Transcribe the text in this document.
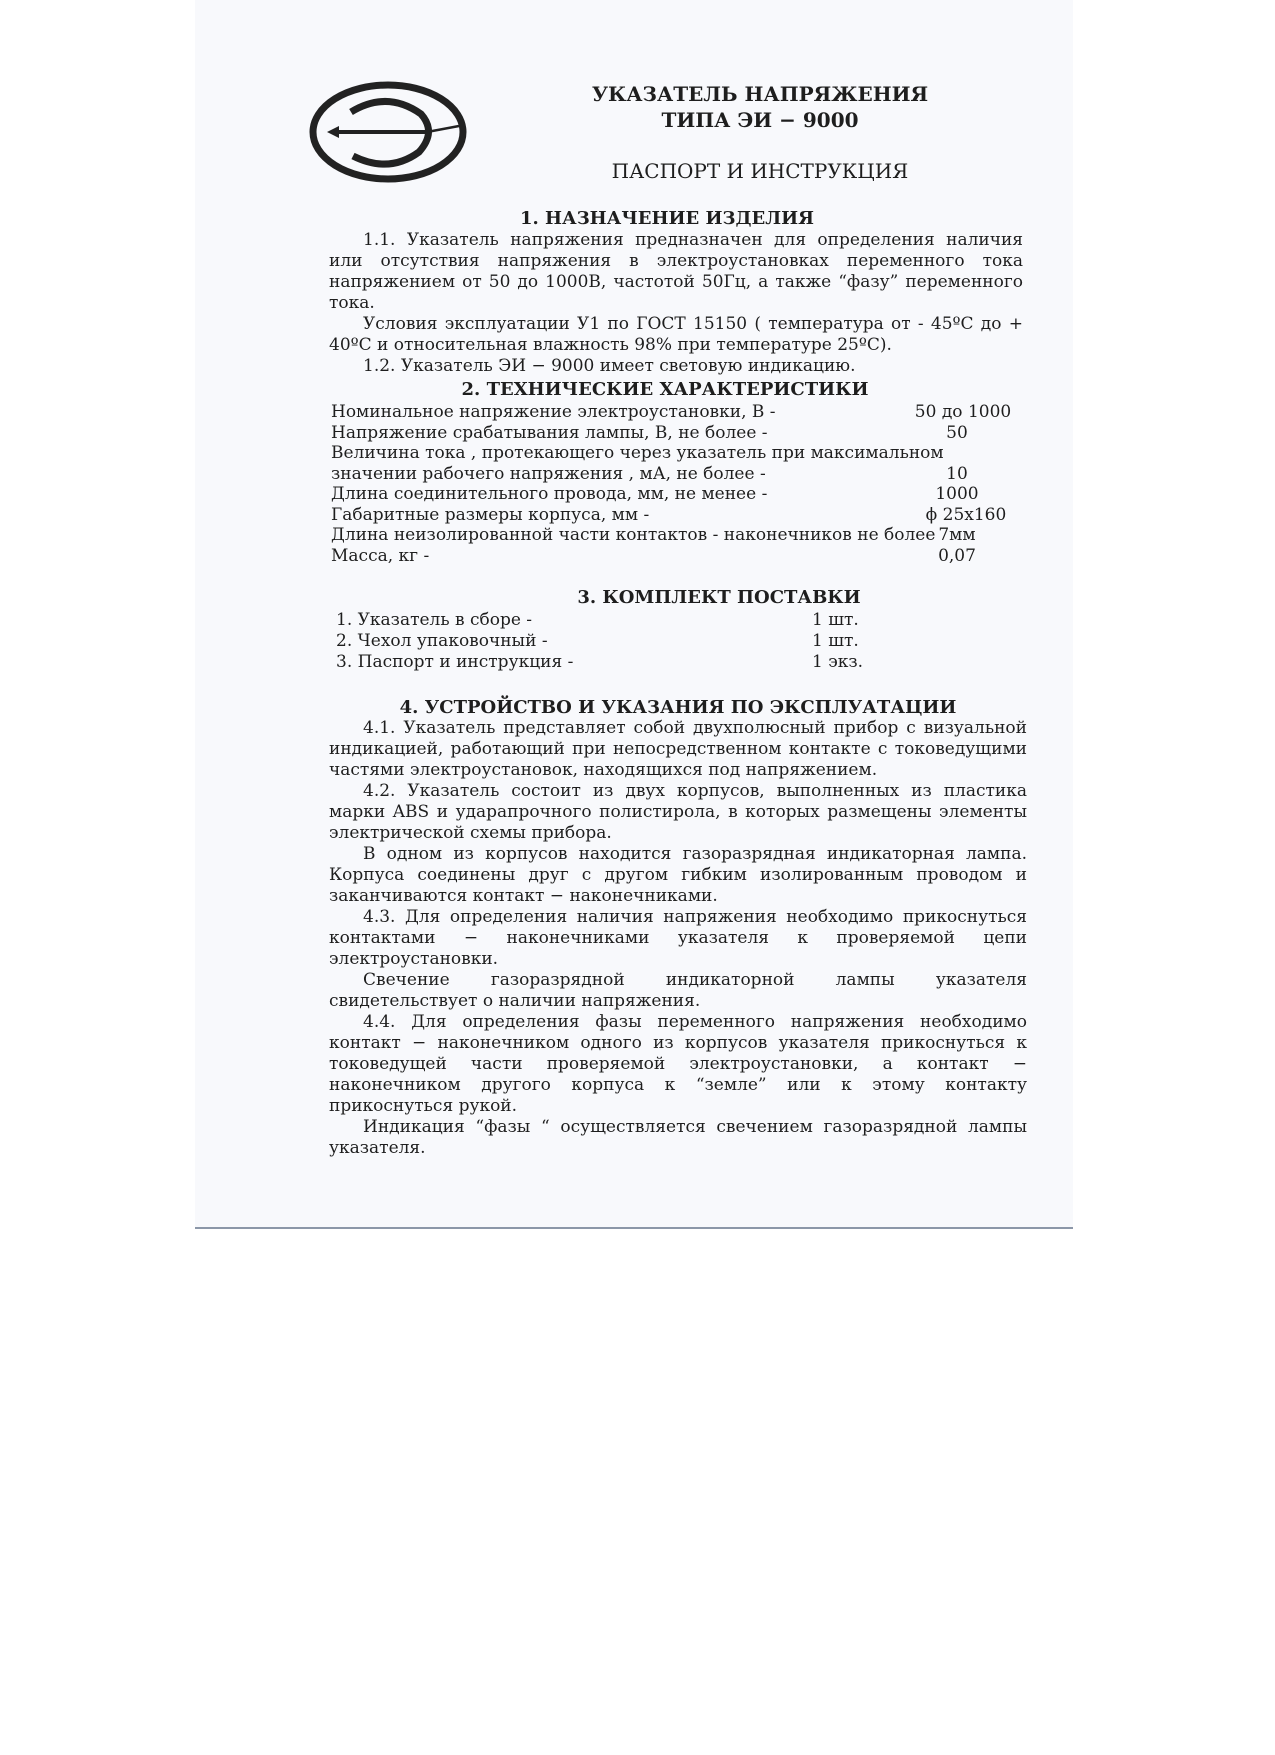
УКАЗАТЕЛЬ НАПРЯЖЕНИЯ
ТИПА ЭИ − 9000
ПАСПОРТ И ИНСТРУКЦИЯ
1. НАЗНАЧЕНИЕ ИЗДЕЛИЯ

1.1. Указатель напряжения предназначен для определения наличия или отсутствия напряжения в электроустановках переменного тока напряжением от 50 до 1000В, частотой 50Гц, а также “фазу” переменного тока.

Условия эксплуатации У1 по ГОСТ 15150 ( температура от - 45ºС до + 40ºС и относительная влажность 98% при температуре 25ºС).

1.2. Указатель ЭИ − 9000 имеет световую индикацию.

2. ТЕХНИЧЕСКИЕ ХАРАКТЕРИСТИКИ
Номинальное напряжение электроустановки, В -	50 до 1000
Напряжение срабатывания лампы, В, не более -	50
Величина тока , протекающего через указатель при максимальном
значении рабочего напряжения , мА, не более -	10
Длина соединительного провода, мм, не менее -	1000
Габаритные размеры корпуса, мм -	ϕ 25х160
Длина неизолированной части контактов - наконечников не более 7мм
Масса, кг -	0,07
3. КОМПЛЕКТ ПОСТАВКИ
1. Указатель в сборе -	1 шт.
2. Чехол упаковочный -	1 шт.
3. Паспорт и инструкция -	1 экз.
4. УСТРОЙСТВО И УКАЗАНИЯ ПО ЭКСПЛУАТАЦИИ

4.1. Указатель представляет собой двухполюсный прибор с визуальной индикацией, работающий при непосредственном контакте с токоведущими частями электроустановок, находящихся под напряжением.

4.2. Указатель состоит из двух корпусов, выполненных из пластика марки ABS и ударапрочного полистирола, в которых размещены элементы электрической схемы прибора.

В одном из корпусов находится газоразрядная индикаторная лампа. Корпуса соединены друг с другом гибким изолированным проводом и заканчиваются контакт − наконечниками.

4.3. Для определения наличия напряжения необходимо прикоснуться контактами − наконечниками указателя к проверяемой цепи электроустановки.

Свечение газоразрядной индикаторной лампы указателя свидетельствует о наличии напряжения.

4.4. Для определения фазы переменного напряжения необходимо контакт − наконечником одного из корпусов указателя прикоснуться к токоведущей части проверяемой электроустановки, а контакт − наконечником другого корпуса к “земле” или к этому контакту прикоснуться рукой.

Индикация “фазы “ осуществляется свечением газоразрядной лампы указателя.
